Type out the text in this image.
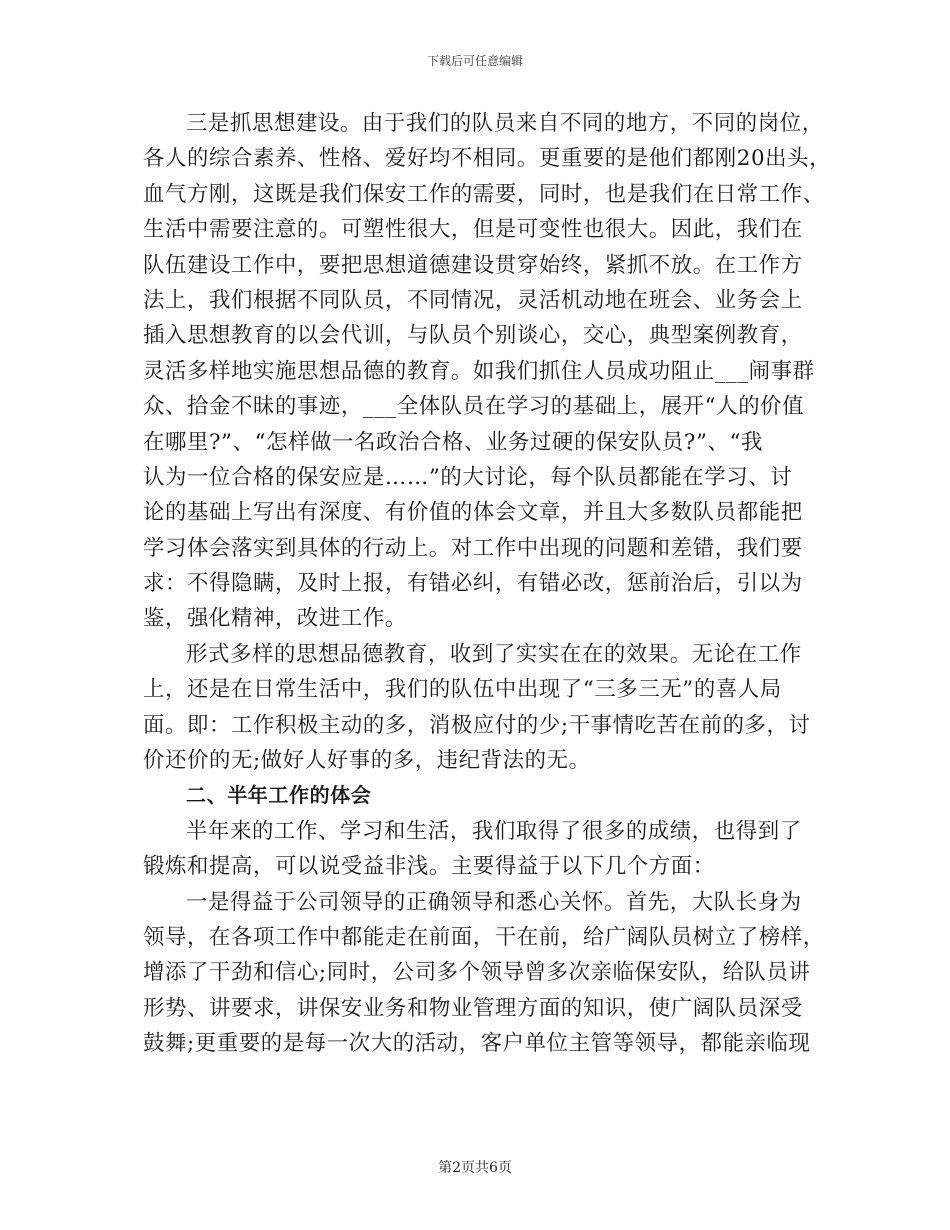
下载后可任意编辑
三是抓思想建设。由于我们的队员来自不同的地方，不同的岗位，
各人的综合素养、性格、爱好均不相同。更重要的是他们都刚20出头，
血气方刚，这既是我们保安工作的需要，同时，也是我们在日常工作、
生活中需要注意的。可塑性很大，但是可变性也很大。因此，我们在
队伍建设工作中，要把思想道德建设贯穿始终，紧抓不放。在工作方
法上，我们根据不同队员，不同情况，灵活机动地在班会、业务会上
插入思想教育的以会代训，与队员个别谈心，交心，典型案例教育，
灵活多样地实施思想品德的教育。如我们抓住人员成功阻止___闹事群
众、拾金不昧的事迹，___全体队员在学习的基础上，展开“人的价值
在哪里?”、“怎样做一名政治合格、业务过硬的保安队员?”、“我
认为一位合格的保安应是……”的大讨论，每个队员都能在学习、讨
论的基础上写出有深度、有价值的体会文章，并且大多数队员都能把
学习体会落实到具体的行动上。对工作中出现的问题和差错，我们要
求：不得隐瞒，及时上报，有错必纠，有错必改，惩前治后，引以为
鉴，强化精神，改进工作。
形式多样的思想品德教育，收到了实实在在的效果。无论在工作
上，还是在日常生活中，我们的队伍中出现了“三多三无”的喜人局
面。即：工作积极主动的多，消极应付的少;干事情吃苦在前的多，讨
价还价的无;做好人好事的多，违纪背法的无。
二、半年工作的体会
半年来的工作、学习和生活，我们取得了很多的成绩，也得到了
锻炼和提高，可以说受益非浅。主要得益于以下几个方面：
一是得益于公司领导的正确领导和悉心关怀。首先，大队长身为
领导，在各项工作中都能走在前面，干在前，给广阔队员树立了榜样，
增添了干劲和信心;同时，公司多个领导曾多次亲临保安队，给队员讲
形势、讲要求，讲保安业务和物业管理方面的知识，使广阔队员深受
鼓舞;更重要的是每一次大的活动，客户单位主管等领导，都能亲临现
第2页共6页
